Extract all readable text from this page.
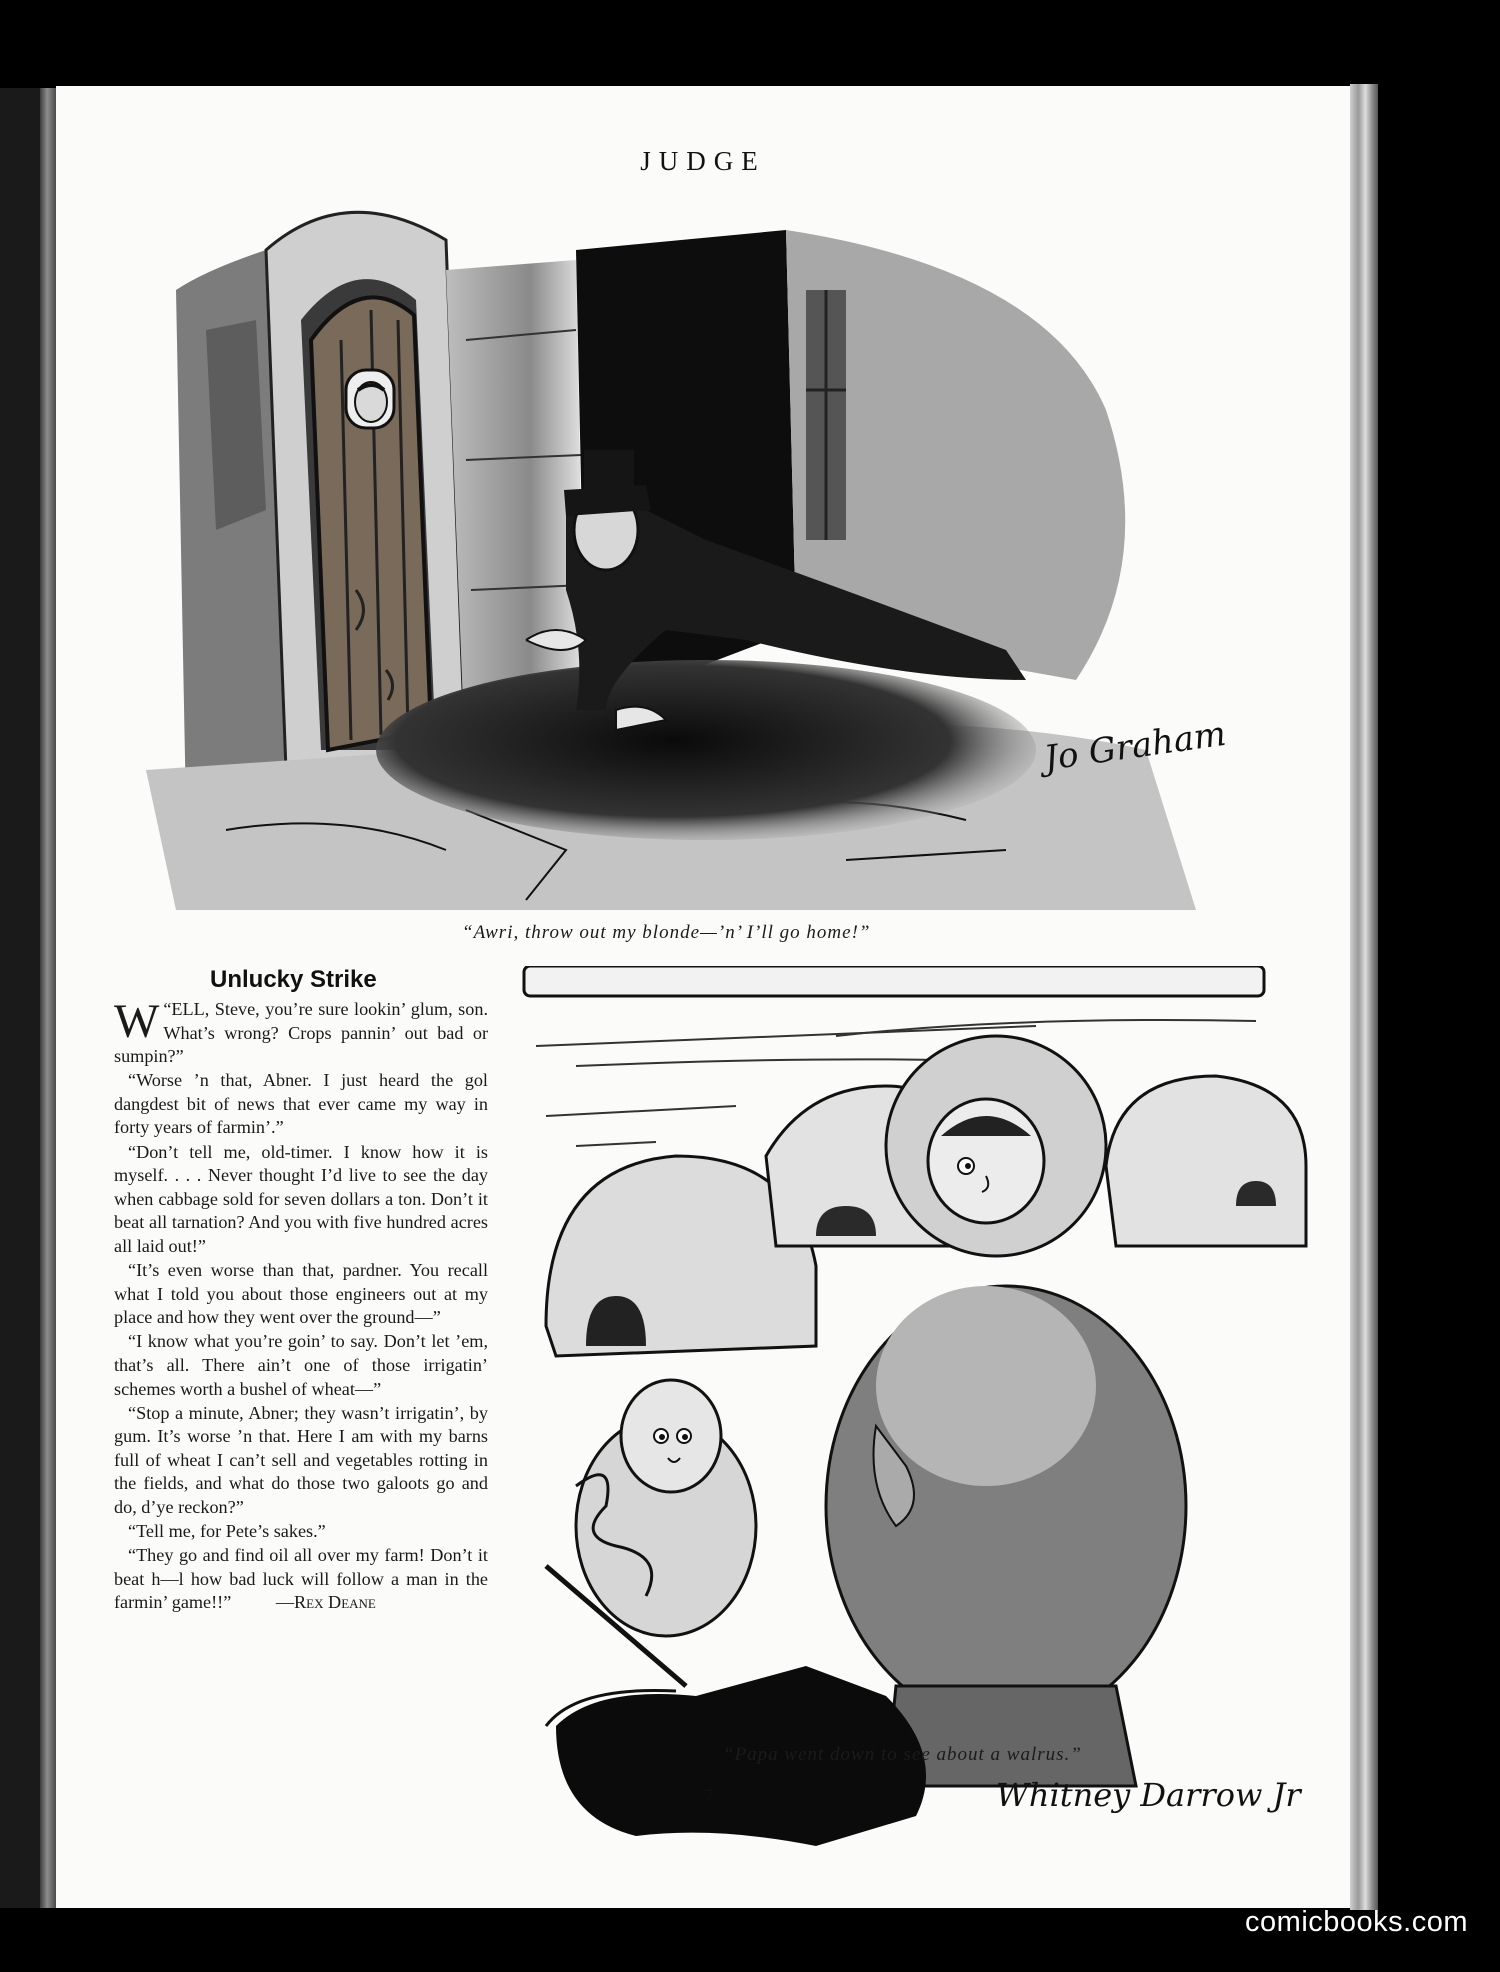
JUDGE
Jo Graham
“Awri, throw out my blonde—’n’ I’ll go home!”
Unlucky Strike

“
W ELL, Steve, you’re sure lookin’ glum, son. What’s wrong? Crops pannin’ out bad or sumpin?”

“Worse ’n that, Abner. I just heard the gol dangdest bit of news that ever came my way in forty years of farmin’.”

“Don’t tell me, old-timer. I know how it is myself. . . . Never thought I’d live to see the day when cabbage sold for seven dollars a ton. Don’t it beat all tarnation? And you with five hundred acres all laid out!”

“It’s even worse than that, pardner. You recall what I told you about those engineers out at my place and how they went over the ground—”

“I know what you’re goin’ to say. Don’t let ’em, that’s all. There ain’t one of those irrigatin’ schemes worth a bushel of wheat—”

“Stop a minute, Abner; they wasn’t irrigatin’, by gum. It’s worse ’n that. Here I am with my barns full of wheat I can’t sell and vegetables rotting in the fields, and what do those two galoots go and do, d’ye reckon?”

“Tell me, for Pete’s sakes.”

“They go and find oil all over my farm! Don’t it beat h—l how bad luck will follow a man in the farmin’ game!!” —Rex Deane

Whitney Darrow Jr
“Papa went down to see about a walrus.”
7
comicbooks.com
